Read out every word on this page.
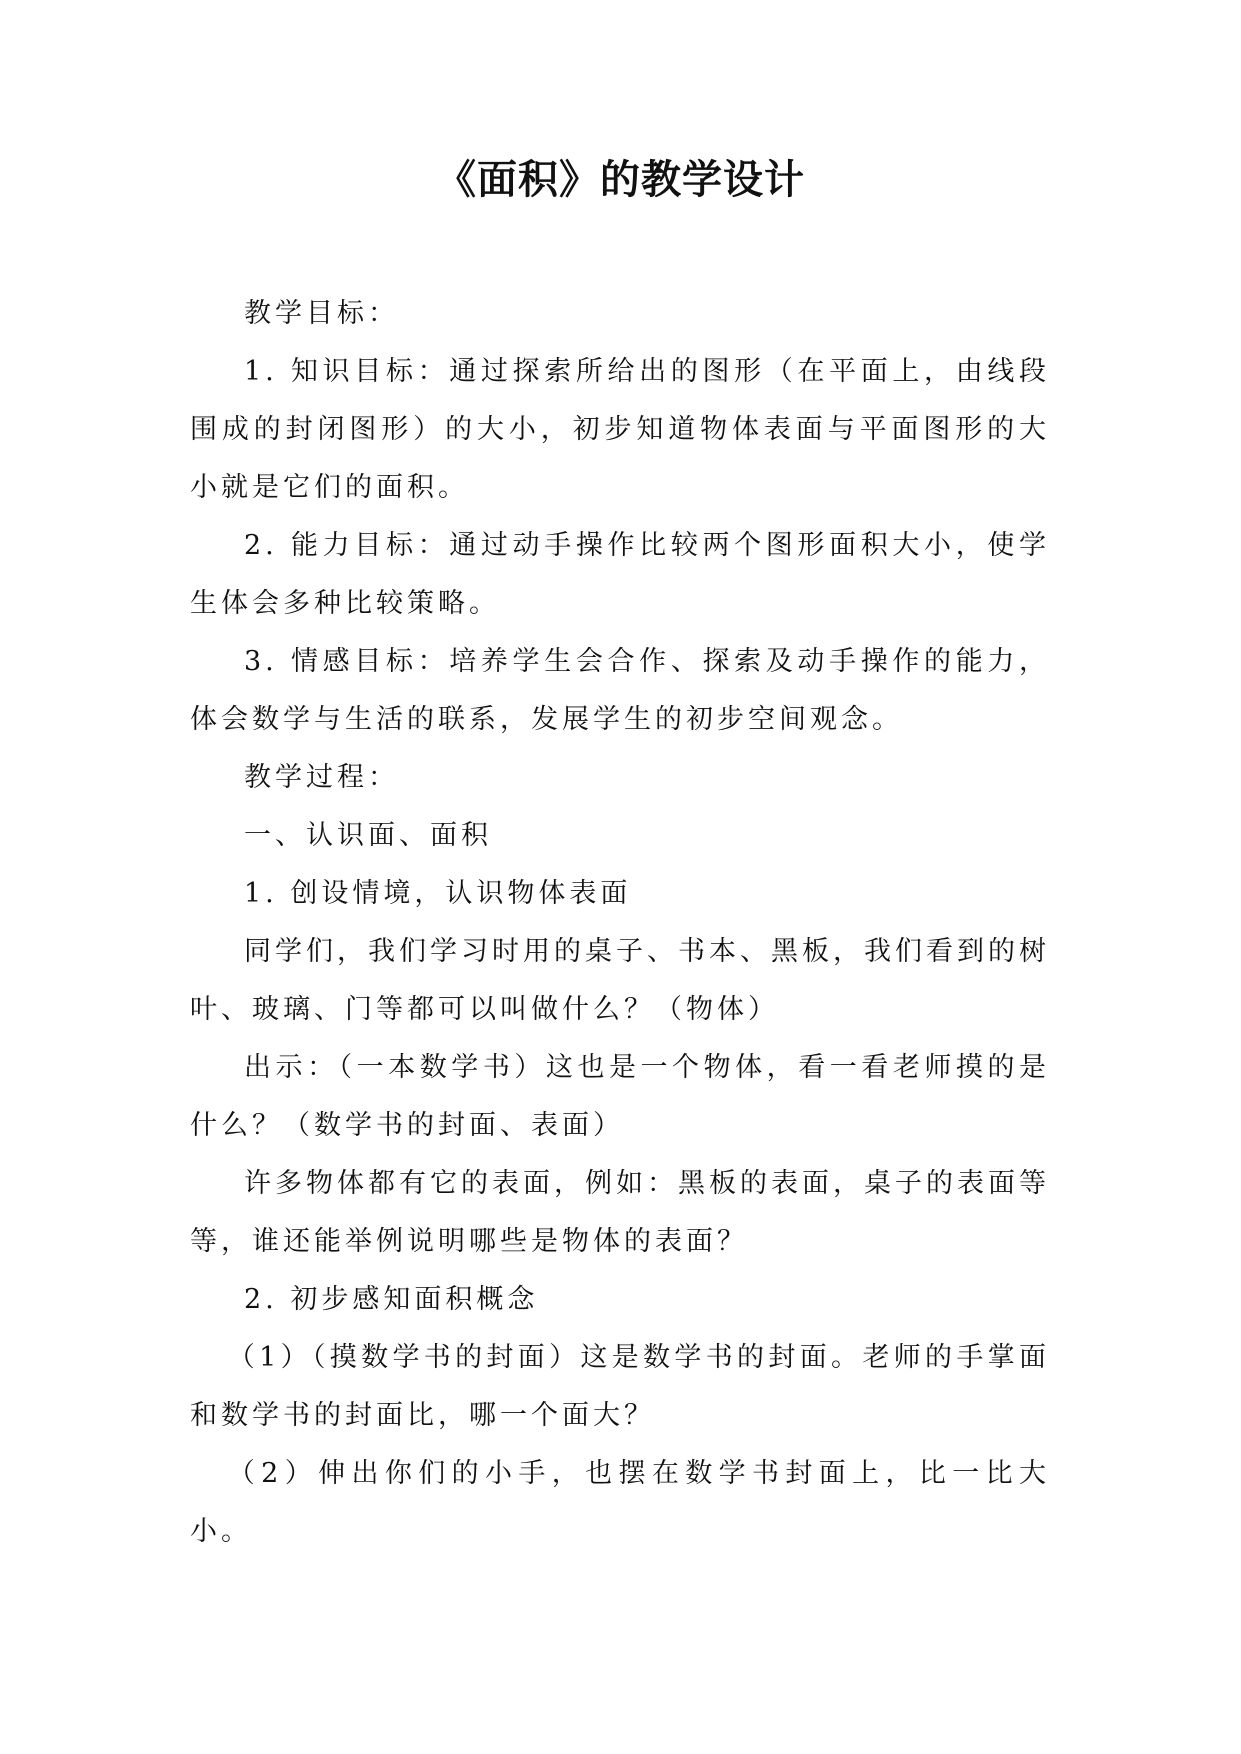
《面积》的教学设计

教学目标：

1. 知识目标：通过探索所给出的图形（在平面上，由线段围成的封闭图形）的大小，初步知道物体表面与平面图形的大小就是它们的面积。

2. 能力目标：通过动手操作比较两个图形面积大小，使学生体会多种比较策略。

3. 情感目标：培养学生会合作、探索及动手操作的能力，体会数学与生活的联系，发展学生的初步空间观念。

教学过程：

一、认识面、面积

1. 创设情境，认识物体表面

同学们，我们学习时用的桌子、书本、黑板，我们看到的树叶、玻璃、门等都可以叫做什么？（物体）

出示：（一本数学书）这也是一个物体，看一看老师摸的是什么？（数学书的封面、表面）

许多物体都有它的表面，例如：黑板的表面，桌子的表面等等，谁还能举例说明哪些是物体的表面？

2. 初步感知面积概念

（1）（摸数学书的封面）这是数学书的封面。老师的手掌面和数学书的封面比，哪一个面大？

（2）伸出你们的小手，也摆在数学书封面上，比一比大小。
